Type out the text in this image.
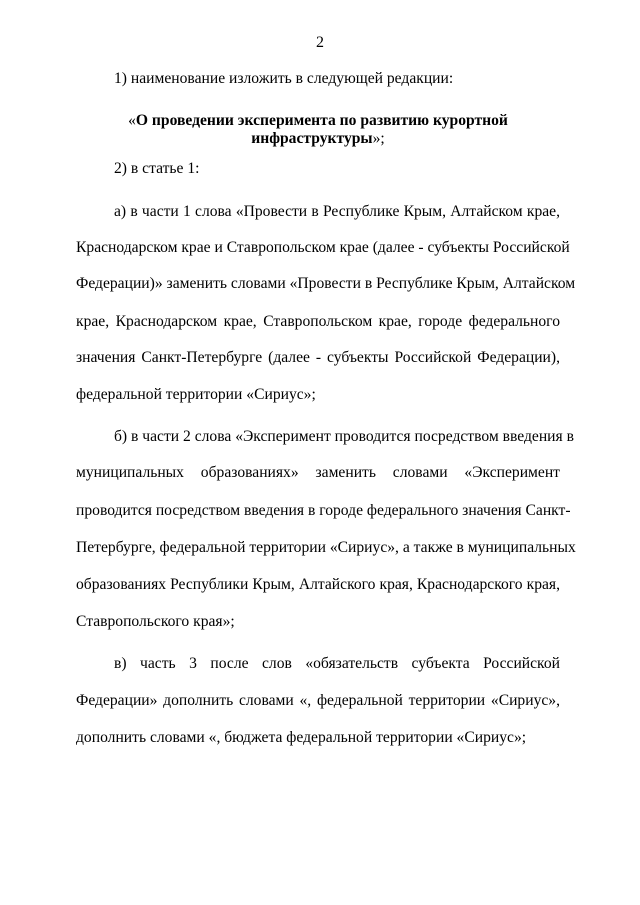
2
1) наименование изложить в следующей редакции:
«О проведении эксперимента по развитию курортной
инфраструктуры»;
2) в статье 1:
а) в части 1 слова «Провести в Республике Крым, Алтайском крае,
Краснодарском крае и Ставропольском крае (далее - субъекты Российской
Федерации)» заменить словами «Провести в Республике Крым, Алтайском
крае, Краснодарском крае, Ставропольском крае, городе федерального
значения Санкт-Петербурге (далее - субъекты Российской Федерации),
федеральной территории «Сириус»;
б) в части 2 слова «Эксперимент проводится посредством введения в
муниципальных образованиях» заменить словами «Эксперимент
проводится посредством введения в городе федерального значения Санкт-
Петербурге, федеральной территории «Сириус», а также в муниципальных
образованиях Республики Крым, Алтайского края, Краснодарского края,
Ставропольского края»;
в) часть 3 после слов «обязательств субъекта Российской
Федерации» дополнить словами «, федеральной территории «Сириус»,
дополнить словами «, бюджета федеральной территории «Сириус»;
